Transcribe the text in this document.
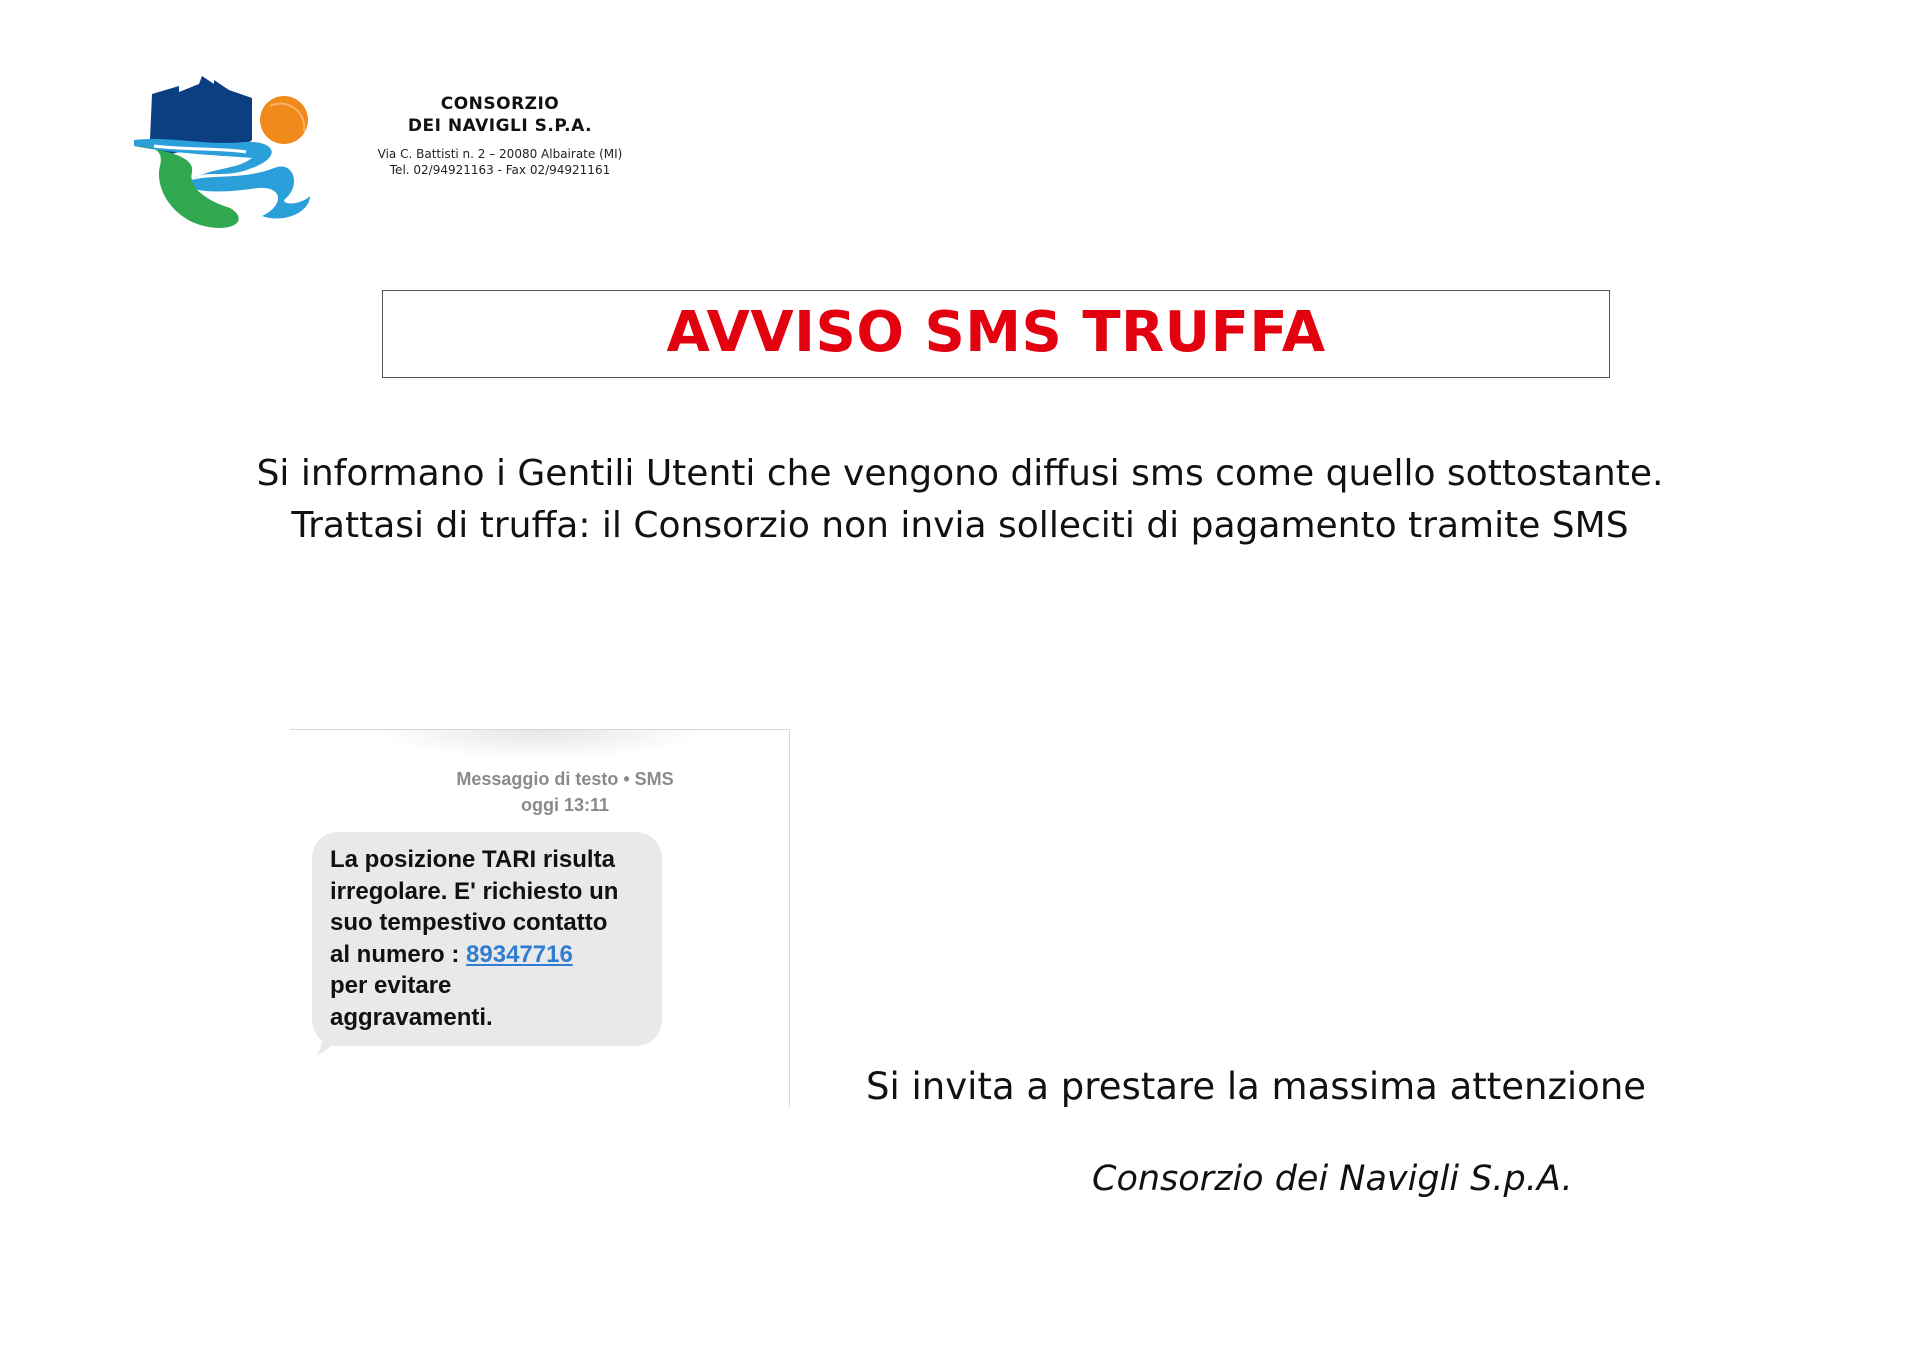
CONSORZIO
DEI NAVIGLI S.P.A.
Via C. Battisti n. 2 – 20080 Albairate (MI)
Tel. 02/94921163 - Fax 02/94921161
AVVISO SMS TRUFFA
Si informano i Gentili Utenti che vengono diffusi sms come quello sottostante.
Trattasi di truffa: il Consorzio non invia solleciti di pagamento tramite SMS
Messaggio di testo • SMS
oggi 13:11
La posizione TARI risulta
irregolare. E' richiesto un
suo tempestivo contatto
al numero : 89347716
per evitare
aggravamenti.
Si invita a prestare la massima attenzione
Consorzio dei Navigli S.p.A.
